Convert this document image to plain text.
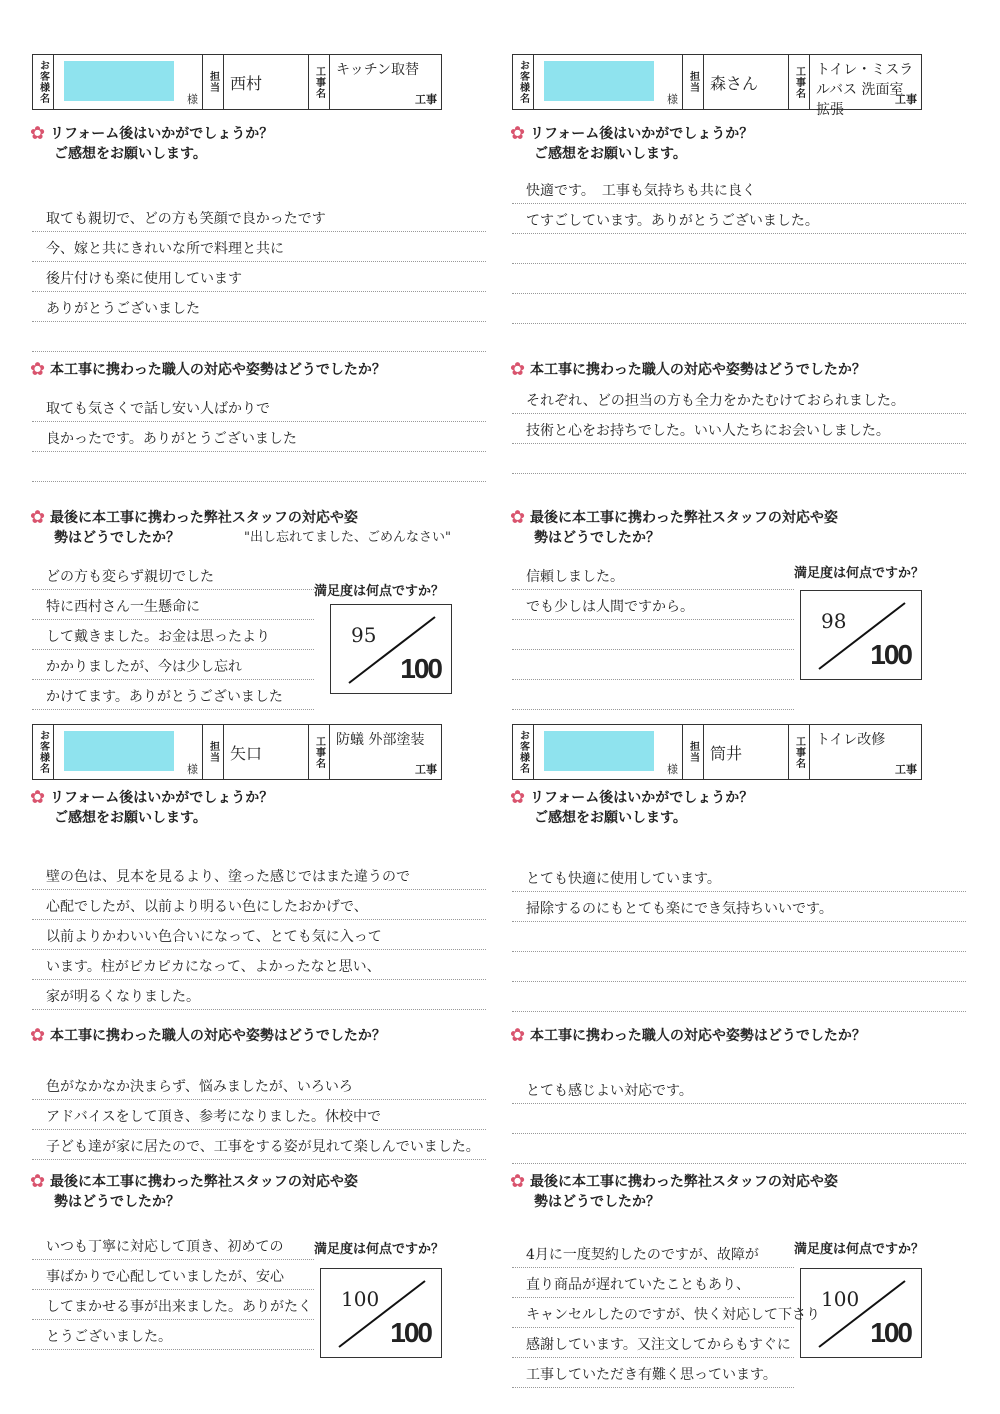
お客様名	様
担当 西村	工事名 キッチン取替
工事
✿ リフォーム後はいかがでしょうか？
ご感想をお願いします。
取ても親切で、どの方も笑顔で良かったです
今、嫁と共にきれいな所で料理と共に
後片付けも楽に使用しています
ありがとうございました
✿ 本工事に携わった職人の対応や姿勢はどうでしたか？
取ても気さくで話し安い人ばかりで
良かったです。ありがとうございました
✿ 最後に本工事に携わった弊社スタッフの対応や姿
勢はどうでしたか？	"出し忘れてました、ごめんなさい"
どの方も変らず親切でした
特に西村さん一生懸命に
して戴きました。お金は思ったより
かかりましたが、今は少し忘れ
かけてます。ありがとうございました
満足度は何点ですか？
95
100
お客様名	様
担当 森さん	工事名 トイレ・ミスラルバス 洗面室拡張
工事
✿ リフォーム後はいかがでしょうか？
ご感想をお願いします。
快適です。　工事も気持ちも共に良く
てすごしています。ありがとうございました。
✿ 本工事に携わった職人の対応や姿勢はどうでしたか？
それぞれ、どの担当の方も全力をかたむけておられました。
技術と心をお持ちでした。いい人たちにお会いしました。
✿ 最後に本工事に携わった弊社スタッフの対応や姿
勢はどうでしたか？
信頼しました。
でも少しは人間ですから。
満足度は何点ですか？
98
100
お客様名	様
担当 矢口	工事名 防蟻 外部塗装
工事
✿ リフォーム後はいかがでしょうか？
ご感想をお願いします。
壁の色は、見本を見るより、塗った感じではまた違うので
心配でしたが、以前より明るい色にしたおかげで、
以前よりかわいい色合いになって、とても気に入って
います。柱がピカピカになって、よかったなと思い、
家が明るくなりました。
✿ 本工事に携わった職人の対応や姿勢はどうでしたか？
色がなかなか決まらず、悩みましたが、いろいろ
アドバイスをして頂き、参考になりました。休校中で
子ども達が家に居たので、工事をする姿が見れて楽しんでいました。
✿ 最後に本工事に携わった弊社スタッフの対応や姿
勢はどうでしたか？
いつも丁寧に対応して頂き、初めての
事ばかりで心配していましたが、安心
してまかせる事が出来ました。ありがたく
とうございました。
満足度は何点ですか？
100
100
お客様名	様
担当 筒井	工事名 トイレ改修
工事
✿ リフォーム後はいかがでしょうか？
ご感想をお願いします。
とても快適に使用しています。
掃除するのにもとても楽にでき気持ちいいです。
✿ 本工事に携わった職人の対応や姿勢はどうでしたか？
とても感じよい対応です。
✿ 最後に本工事に携わった弊社スタッフの対応や姿
勢はどうでしたか？
4月に一度契約したのですが、故障が
直り商品が遅れていたこともあり、
キャンセルしたのですが、快く対応して下さり
感謝しています。又注文してからもすぐに
工事していただき有難く思っています。
満足度は何点ですか？
100
100
